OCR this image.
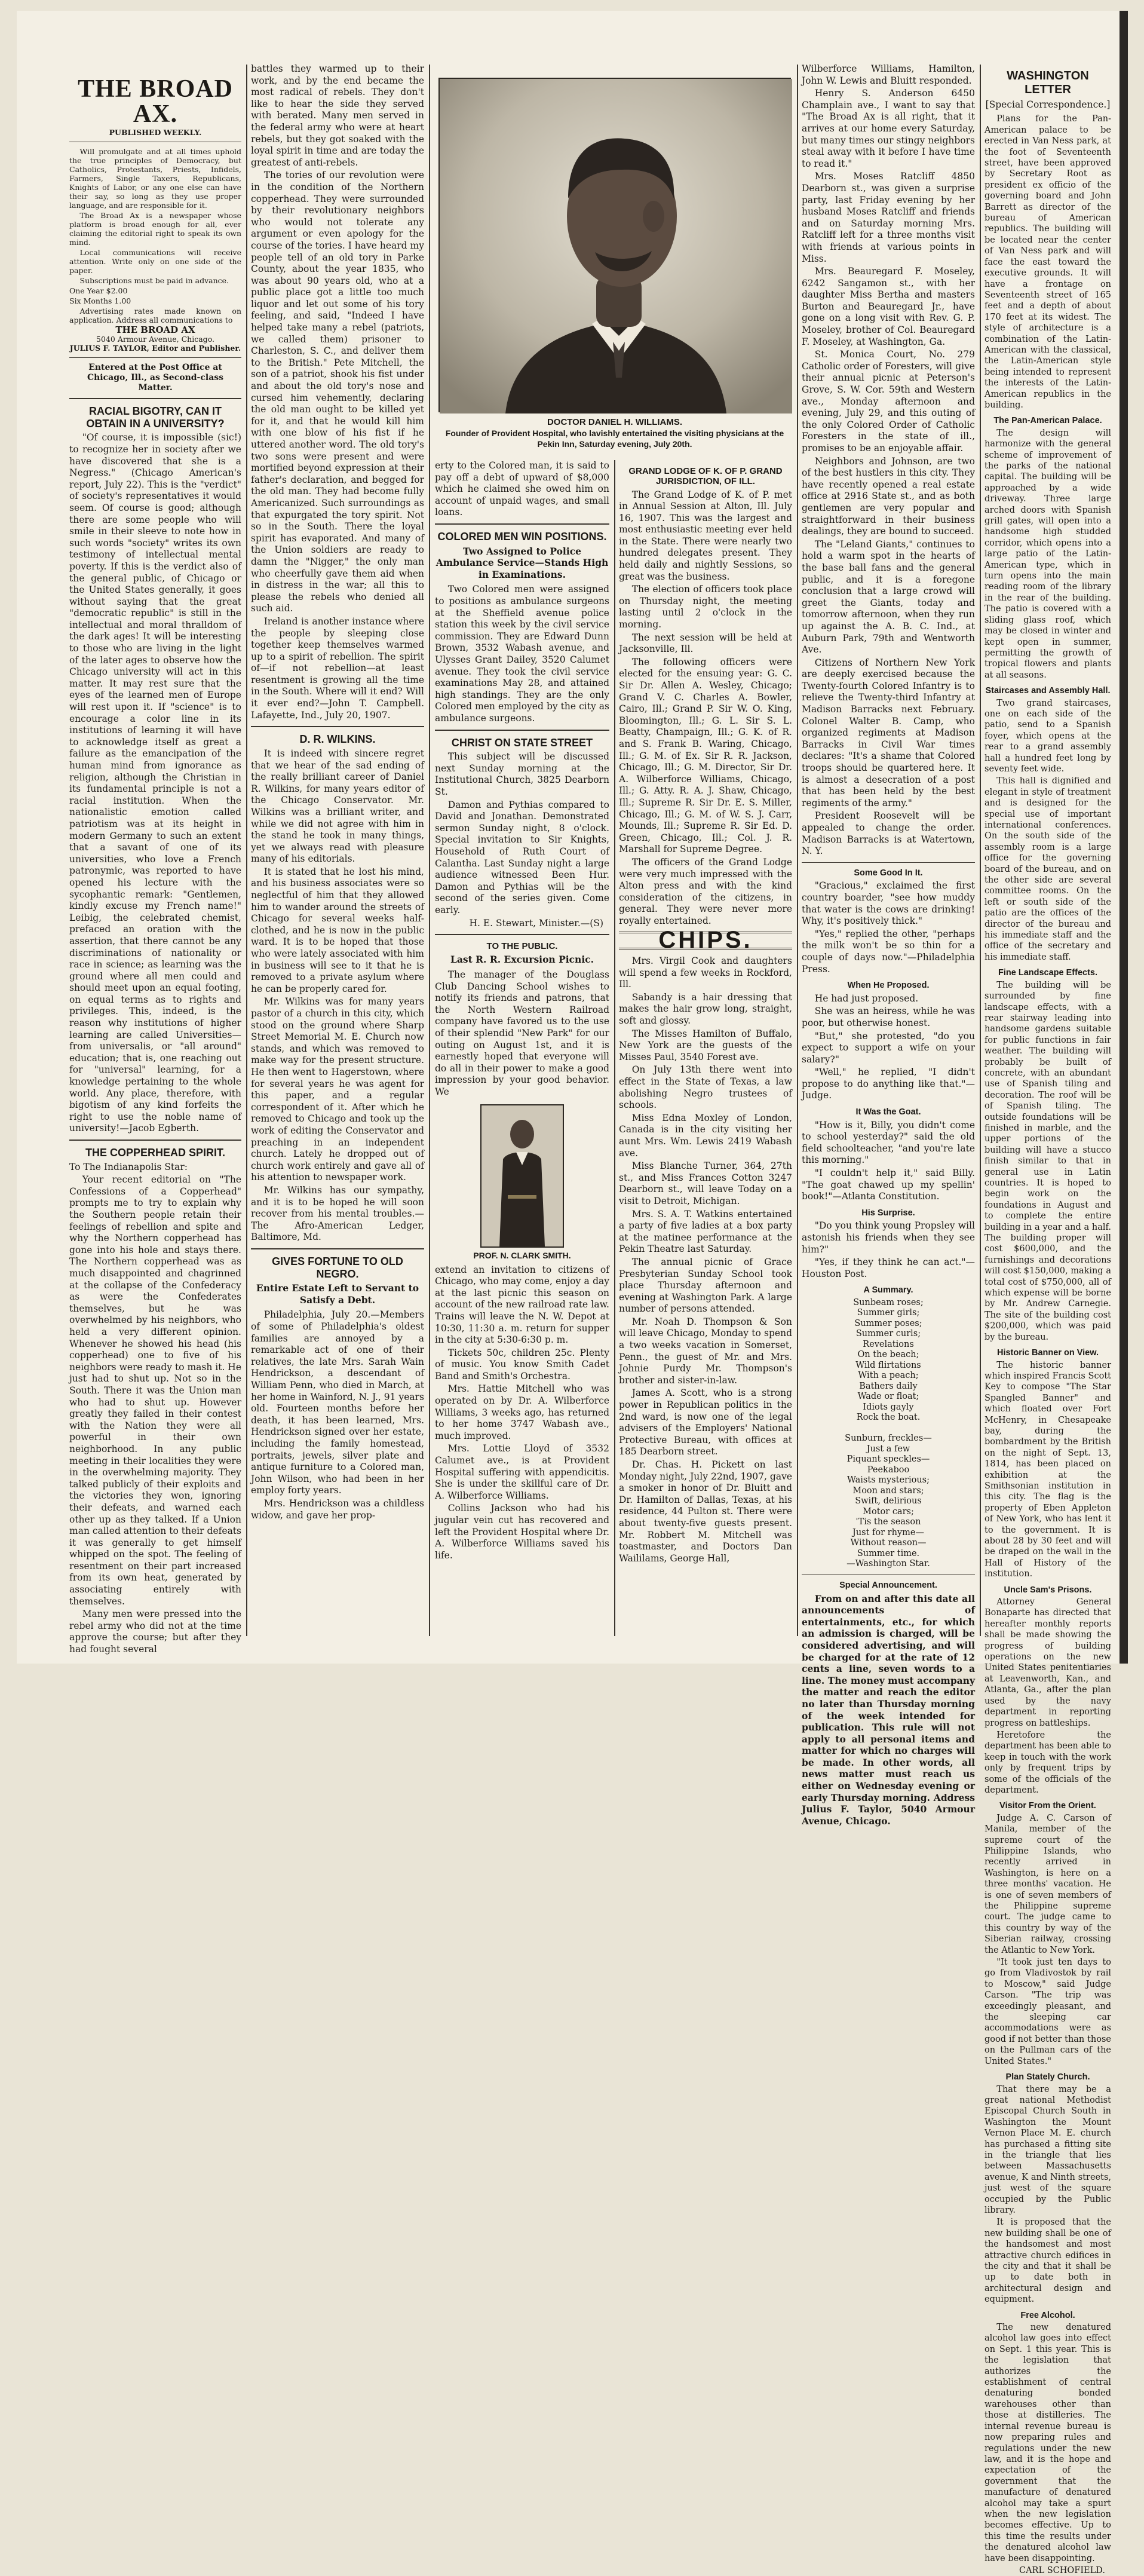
THE BROAD AX.
PUBLISHED WEEKLY.

Will promulgate and at all times uphold the true principles of Democracy, but Catholics, Protestants, Priests, Infidels, Farmers, Single Taxers, Republicans, Knights of Labor, or any one else can have their say, so long as they use proper language, and are responsible for it.

The Broad Ax is a newspaper whose platform is broad enough for all, ever claiming the editorial right to speak its own mind.

Local communications will receive attention. Write only on one side of the paper.

Subscriptions must be paid in advance.

One Year $2.00

Six Months 1.00

Advertising rates made known on application. Address all communications to

THE BROAD AX
5040 Armour Avenue, Chicago.
JULIUS F. TAYLOR, Editor and Publisher.
Entered at the Post Office at Chicago, Ill., as Second-class Matter.
RACIAL BIGOTRY, CAN IT OBTAIN IN A UNIVERSITY?

"Of course, it is impossible (sic!) to recognize her in society after we have discovered that she is a Negress." (Chicago American's report, July 22). This is the "verdict" of society's representatives it would seem. Of course is good; although there are some people who will smile in their sleeve to note how in such words "society" writes its own testimony of intellectual mental poverty. If this is the verdict also of the general public, of Chicago or the United States generally, it goes without saying that the great "democratic republic" is still in the intellectual and moral thralldom of the dark ages! It will be interesting to those who are living in the light of the later ages to observe how the Chicago university will act in this matter. It may rest sure that the eyes of the learned men of Europe will rest upon it. If "science" is to encourage a color line in its institutions of learning it will have to acknowledge itself as great a failure as the emancipation of the human mind from ignorance as religion, although the Christian in its fundamental principle is not a racial institution. When the nationalistic emotion called patriotism was at its height in modern Germany to such an extent that a savant of one of its universities, who love a French patronymic, was reported to have opened his lecture with the sycophantic remark: "Gentlemen, kindly excuse my French name!" Leibig, the celebrated chemist, prefaced an oration with the assertion, that there cannot be any discriminations of nationality or race in science; as learning was the ground where all men could and should meet upon an equal footing, on equal terms as to rights and privileges. This, indeed, is the reason why institutions of higher learning are called Universities—from universalis, or "all around" education; that is, one reaching out for "universal" learning, for a knowledge pertaining to the whole world. Any place, therefore, with bigotism of any kind forfeits the right to use the noble name of university!—Jacob Egberth.

THE COPPERHEAD SPIRIT.

To The Indianapolis Star:

Your recent editorial on "The Confessions of a Copperhead" prompts me to try to explain why the Southern people retain their feelings of rebellion and spite and why the Northern copperhead has gone into his hole and stays there. The Northern copperhead was as much disappointed and chagrinned at the collapse of the Confederacy as were the Confederates themselves, but he was overwhelmed by his neighbors, who held a very different opinion. Whenever he showed his head (his copperhead) one to five of his neighbors were ready to mash it. He just had to shut up. Not so in the South. There it was the Union man who had to shut up. However greatly they failed in their contest with the Nation they were all powerful in their own neighborhood. In any public meeting in their localities they were in the overwhelming majority. They talked publicly of their exploits and the victories they won, ignoring their defeats, and warned each other up as they talked. If a Union man called attention to their defeats it was generally to get himself whipped on the spot. The feeling of resentment on their part increased from its own heat, generated by associating entirely with themselves.

Many men were pressed into the rebel army who did not at the time approve the course; but after they had fought several

battles they warmed up to their work, and by the end became the most radical of rebels. They don't like to hear the side they served with berated. Many men served in the federal army who were at heart rebels, but they got soaked with the loyal spirit in time and are today the greatest of anti-rebels.

The tories of our revolution were in the condition of the Northern copperhead. They were surrounded by their revolutionary neighbors who would not tolerate any argument or even apology for the course of the tories. I have heard my people tell of an old tory in Parke County, about the year 1835, who was about 90 years old, who at a public place got a little too much liquor and let out some of his tory feeling, and said, "Indeed I have helped take many a rebel (patriots, we called them) prisoner to Charleston, S. C., and deliver them to the British." Pete Mitchell, the son of a patriot, shook his fist under and about the old tory's nose and cursed him vehemently, declaring the old man ought to be killed yet for it, and that he would kill him with one blow of his fist if he uttered another word. The old tory's two sons were present and were mortified beyond expression at their father's declaration, and begged for the old man. They had become fully Americanized. Such surroundings as that expurgated the tory spirit. Not so in the South. There the loyal spirit has evaporated. And many of the Union soldiers are ready to damn the "Nigger," the only man who cheerfully gave them aid when in distress in the war; all this to please the rebels who denied all such aid.

Ireland is another instance where the people by sleeping close together keep themselves warmed up to a spirit of rebellion. The spirit of—if not rebellion—at least resentment is growing all the time in the South. Where will it end? Will it ever end?—John T. Campbell. Lafayette, Ind., July 20, 1907.

D. R. WILKINS.

It is indeed with sincere regret that we hear of the sad ending of the really brilliant career of Daniel R. Wilkins, for many years editor of the Chicago Conservator. Mr. Wilkins was a brilliant writer, and while we did not agree with him in the stand he took in many things, yet we always read with pleasure many of his editorials.

It is stated that he lost his mind, and his business associates were so neglectful of him that they allowed him to wander around the streets of Chicago for several weeks half-clothed, and he is now in the public ward. It is to be hoped that those who were lately associated with him in business will see to it that he is removed to a private asylum where he can be properly cared for.

Mr. Wilkins was for many years pastor of a church in this city, which stood on the ground where Sharp Street Memorial M. E. Church now stands, and which was removed to make way for the present structure. He then went to Hagerstown, where for several years he was agent for this paper, and a regular correspondent of it. After which he removed to Chicago and took up the work of editing the Conservator and preaching in an independent church. Lately he dropped out of church work entirely and gave all of his attention to newspaper work.

Mr. Wilkins has our sympathy, and it is to be hoped he will soon recover from his mental troubles.—The Afro-American Ledger, Baltimore, Md.

GIVES FORTUNE TO OLD NEGRO.
Entire Estate Left to Servant to Satisfy a Debt.

Philadelphia, July 20.—Members of some of Philadelphia's oldest families are annoyed by a remarkable act of one of their relatives, the late Mrs. Sarah Wain Hendrickson, a descendant of William Penn, who died in March, at her home in Wainford, N. J., 91 years old. Fourteen months before her death, it has been learned, Mrs. Hendrickson signed over her estate, including the family homestead, portraits, jewels, silver plate and antique furniture to a Colored man, John Wilson, who had been in her employ forty years.

Mrs. Hendrickson was a childless widow, and gave her prop-

DOCTOR DANIEL H. WILLIAMS.
Founder of Provident Hospital, who lavishly entertained the visiting physicians at the Pekin Inn, Saturday evening, July 20th.

erty to the Colored man, it is said to pay off a debt of upward of $8,000 which he claimed she owed him on account of unpaid wages, and small loans.

COLORED MEN WIN POSITIONS.
Two Assigned to Police Ambulance Service—Stands High in Examinations.

Two Colored men were assigned to positions as ambulance surgeons at the Sheffield avenue police station this week by the civil service commission. They are Edward Dunn Brown, 3532 Wabash avenue, and Ulysses Grant Dailey, 3520 Calumet avenue. They took the civil service examinations May 28, and attained high standings. They are the only Colored men employed by the city as ambulance surgeons.

CHRIST ON STATE STREET

This subject will be discussed next Sunday morning at the Institutional Church, 3825 Dearborn St.

Damon and Pythias compared to David and Jonathan. Demonstrated sermon Sunday night, 8 o'clock. Special invitation to Sir Knights, Household of Ruth Court of Calantha. Last Sunday night a large audience witnessed Been Hur. Damon and Pythias will be the second of the series given. Come early.

H. E. Stewart, Minister.—(S)
TO THE PUBLIC.
Last R. R. Excursion Picnic.

The manager of the Douglass Club Dancing School wishes to notify its friends and patrons, that the North Western Railroad company have favored us to the use of their splendid "New Park" for our outing on August 1st, and it is earnestly hoped that everyone will do all in their power to make a good impression by your good behavior. We

PROF. N. CLARK SMITH.

extend an invitation to citizens of Chicago, who may come, enjoy a day at the last picnic this season on account of the new railroad rate law. Trains will leave the N. W. Depot at 10:30, 11:30 a. m. return for supper in the city at 5:30-6:30 p. m.

Tickets 50c, children 25c. Plenty of music. You know Smith Cadet Band and Smith's Orchestra.

Mrs. Hattie Mitchell who was operated on by Dr. A. Wilberforce Williams, 3 weeks ago, has returned to her home 3747 Wabash ave., much improved.

Mrs. Lottie Lloyd of 3532 Calumet ave., is at Provident Hospital suffering with appendicitis. She is under the skillful care of Dr. A. Wilberforce Williams.

Collins Jackson who had his jugular vein cut has recovered and left the Provident Hospital where Dr. A. Wilberforce Williams saved his life.

GRAND LODGE OF K. OF P. GRAND JURISDICTION, OF ILL.

The Grand Lodge of K. of P. met in Annual Session at Alton, Ill. July 16, 1907. This was the largest and most enthusiastic meeting ever held in the State. There were nearly two hundred delegates present. They held daily and nightly Sessions, so great was the business.

The election of officers took place on Thursday night, the meeting lasting until 2 o'clock in the morning.

The next session will be held at Jacksonville, Ill.

The following officers were elected for the ensuing year: G. C. Sir Dr. Allen A. Wesley, Chicago; Grand V. C. Charles A. Bowler, Cairo, Ill.; Grand P. Sir W. O. King, Bloomington, Ill.; G. L. Sir S. L. Beatty, Champaign, Ill.; G. K. of R. and S. Frank B. Waring, Chicago, Ill.; G. M. of Ex. Sir R. R. Jackson, Chicago, Ill.; G. M. Director, Sir Dr. A. Wilberforce Williams, Chicago, Ill.; G. Atty. R. A. J. Shaw, Chicago, Ill.; Supreme R. Sir Dr. E. S. Miller, Chicago, Ill.; G. M. of W. S. J. Carr, Mounds, Ill.; Supreme R. Sir Ed. D. Green, Chicago, Ill.; Col. J. R. Marshall for Supreme Degree.

The officers of the Grand Lodge were very much impressed with the Alton press and with the kind consideration of the citizens, in general. They were never more royally entertained.

CHIPS.

Mrs. Virgil Cook and daughters will spend a few weeks in Rockford, Ill.

Sabandy is a hair dressing that makes the hair grow long, straight, soft and glossy.

The Misses Hamilton of Buffalo, New York are the guests of the Misses Paul, 3540 Forest ave.

On July 13th there went into effect in the State of Texas, a law abolishing Negro trustees of schools.

Miss Edna Moxley of London, Canada is in the city visiting her aunt Mrs. Wm. Lewis 2419 Wabash ave.

Miss Blanche Turner, 364, 27th st., and Miss Frances Cotton 3247 Dearborn st., will leave Today on a visit to Detroit, Michigan.

Mrs. S. A. T. Watkins entertained a party of five ladies at a box party at the matinee performance at the Pekin Theatre last Saturday.

The annual picnic of Grace Presbyterian Sunday School took place Thursday afternoon and evening at Washington Park. A large number of persons attended.

Mr. Noah D. Thompson & Son will leave Chicago, Monday to spend a two weeks vacation in Somerset, Penn., the guest of Mr. and Mrs. Johnie Purdy Mr. Thompson's brother and sister-in-law.

James A. Scott, who is a strong power in Republican politics in the 2nd ward, is now one of the legal advisers of the Employers' National Protective Bureau, with offices at 185 Dearborn street.

Dr. Chas. H. Pickett on last Monday night, July 22nd, 1907, gave a smoker in honor of Dr. Bluitt and Dr. Hamilton of Dallas, Texas, at his residence, 44 Pulton st. There were about twenty-five guests present. Mr. Robbert M. Mitchell was toastmaster, and Doctors Dan Waililams, George Hall,

Wilberforce Williams, Hamilton, John W. Lewis and Bluitt responded.

Henry S. Anderson 6450 Champlain ave., I want to say that "The Broad Ax is all right, that it arrives at our home every Saturday, but many times our stingy neighbors steal away with it before I have time to read it."

Mrs. Moses Ratcliff 4850 Dearborn st., was given a surprise party, last Friday evening by her husband Moses Ratcliff and friends and on Saturday morning Mrs. Ratcliff left for a three months visit with friends at various points in Miss.

Mrs. Beauregard F. Moseley, 6242 Sangamon st., with her daughter Miss Bertha and masters Burton and Beauregard Jr., have gone on a long visit with Rev. G. P. Moseley, brother of Col. Beauregard F. Moseley, at Washington, Ga.

St. Monica Court, No. 279 Catholic order of Foresters, will give their annual picnic at Peterson's Grove, S. W. Cor. 59th and Western ave., Monday afternoon and evening, July 29, and this outing of the only Colored Order of Catholic Foresters in the state of ill., promises to be an enjoyable affair.

Neighbors and Johnson, are two of the best hustlers in this city. They have recently opened a real estate office at 2916 State st., and as both gentlemen are very popular and straightforward in their business dealings, they are bound to succeed.

The "Leland Giants," continues to hold a warm spot in the hearts of the base ball fans and the general public, and it is a foregone conclusion that a large crowd will greet the Giants, today and tomorrow afternoon, when they run up against the A. B. C. Ind., at Auburn Park, 79th and Wentworth Ave.

Citizens of Northern New York are deeply exercised because the Twenty-fourth Colored Infantry is to relieve the Twenty-third Infantry at Madison Barracks next February. Colonel Walter B. Camp, who organized regiments at Madison Barracks in Civil War times declares: "It's a shame that Colored troops should be quartered here. It is almost a desecration of a post that has been held by the best regiments of the army."

President Roosevelt will be appealed to change the order. Madison Barracks is at Watertown, N. Y.

Some Good In It.

"Gracious," exclaimed the first country boarder, "see how muddy that water is the cows are drinking! Why, it's positively thick."

"Yes," replied the other, "perhaps the milk won't be so thin for a couple of days now."—Philadelphia Press.

When He Proposed.

He had just proposed.

She was an heiress, while he was poor, but otherwise honest.

"But," she protested, "do you expect to support a wife on your salary?"

"Well," he replied, "I didn't propose to do anything like that."—Judge.

It Was the Goat.

"How is it, Billy, you didn't come to school yesterday?" said the old field schoolteacher, "and you're late this morning."

"I couldn't help it," said Billy. "The goat chawed up my spellin' book!"—Atlanta Constitution.

His Surprise.

"Do you think young Propsley will astonish his friends when they see him?"

"Yes, if they think he can act."—Houston Post.

A Summary.
Sunbeam roses;
Summer girls;
Summer poses;
Summer curls;
Revelations
On the beach;
Wild flirtations
With a peach;
Bathers daily
Wade or float;
Idiots gayly
Rock the boat.

Sunburn, freckles—
Just a few
Piquant speckles—
Peekaboo
Waists mysterious;
Moon and stars;
Swift, delirious
Motor cars;
'Tis the season
Just for rhyme—
Without reason—
Summer time.
—Washington Star.
Special Announcement.

From on and after this date all announcements of entertainments, etc., for which an admission is charged, will be considered advertising, and will be charged for at the rate of 12 cents a line, seven words to a line. The money must accompany the matter and reach the editor no later than Thursday morning of the week intended for publication. This rule will not apply to all personal items and matter for which no charges will be made. In other words, all news matter must reach us either on Wednesday evening or early Thursday morning. Address Julius F. Taylor, 5040 Armour Avenue, Chicago.

WASHINGTON LETTER
[Special Correspondence.]

Plans for the Pan-American palace to be erected in Van Ness park, at the foot of Seventeenth street, have been approved by Secretary Root as president ex officio of the governing board and John Barrett as director of the bureau of American republics. The building will be located near the center of Van Ness park and will face the east toward the executive grounds. It will have a frontage on Seventeenth street of 165 feet and a depth of about 170 feet at its widest. The style of architecture is a combination of the Latin-American with the classical, the Latin-American style being intended to represent the interests of the Latin-American republics in the building.

The Pan-American Palace.

The design will harmonize with the general scheme of improvement of the parks of the national capital. The building will be approached by a wide driveway. Three large arched doors with Spanish grill gates, will open into a handsome high studded corridor, which opens into a large patio of the Latin-American type, which in turn opens into the main reading room of the library in the rear of the building. The patio is covered with a sliding glass roof, which may be closed in winter and kept open in summer, permitting the growth of tropical flowers and plants at all seasons.

Staircases and Assembly Hall.

Two grand staircases, one on each side of the patio, send to a Spanish foyer, which opens at the rear to a grand assembly hall a hundred feet long by seventy feet wide.

This hall is dignified and elegant in style of treatment and is designed for the special use of important international conferences. On the south side of the assembly room is a large office for the governing board of the bureau, and on the other side are several committee rooms. On the left or south side of the patio are the offices of the director of the bureau and his immediate staff and the office of the secretary and his immediate staff.

Fine Landscape Effects.

The building will be surrounded by fine landscape effects, with a rear stairway leading into handsome gardens suitable for public functions in fair weather. The building will probably be built of concrete, with an abundant use of Spanish tiling and decoration. The roof will be of Spanish tiling. The outside foundations will be finished in marble, and the upper portions of the building will have a stucco finish similar to that in general use in Latin countries. It is hoped to begin work on the foundations in August and to complete the entire building in a year and a half. The building proper will cost $600,000, and the furnishings and decorations will cost $150,000, making a total cost of $750,000, all of which expense will be borne by Mr. Andrew Carnegie. The site of the building cost $200,000, which was paid by the bureau.

Historic Banner on View.

The historic banner which inspired Francis Scott Key to compose "The Star Spangled Banner" and which floated over Fort McHenry, in Chesapeake bay, during the bombardment by the British on the night of Sept. 13, 1814, has been placed on exhibition at the Smithsonian institution in this city. The flag is the property of Eben Appleton of New York, who has lent it to the government. It is about 28 by 30 feet and will be draped on the wall in the Hall of History of the institution.

Uncle Sam's Prisons.

Attorney General Bonaparte has directed that hereafter monthly reports shall be made showing the progress of building operations on the new United States penitentiaries at Leavenworth, Kan., and Atlanta, Ga., after the plan used by the navy department in reporting progress on battleships.

Heretofore the department has been able to keep in touch with the work only by frequent trips by some of the officials of the department.

Visitor From the Orient.

Judge A. C. Carson of Manila, member of the supreme court of the Philippine Islands, who recently arrived in Washington, is here on a three months' vacation. He is one of seven members of the Philippine supreme court. The judge came to this country by way of the Siberian railway, crossing the Atlantic to New York.

"It took just ten days to go from Vladivostok by rail to Moscow," said Judge Carson. "The trip was exceedingly pleasant, and the sleeping car accommodations were as good if not better than those on the Pullman cars of the United States."

Plan Stately Church.

That there may be a great national Methodist Episcopal Church South in Washington the Mount Vernon Place M. E. church has purchased a fitting site in the triangle that lies between Massachusetts avenue, K and Ninth streets, just west of the square occupied by the Public library.

It is proposed that the new building shall be one of the handsomest and most attractive church edifices in the city and that it shall be up to date both in architectural design and equipment.

Free Alcohol.

The new denatured alcohol law goes into effect on Sept. 1 this year. This is the legislation that authorizes the establishment of central denaturing bonded warehouses other than those at distilleries. The internal revenue bureau is now preparing rules and regulations under the new law, and it is the hope and expectation of the government that the manufacture of denatured alcohol may take a spurt when the new legislation becomes effective. Up to this time the results under the denatured alcohol law have been disappointing.

CARL SCHOFIELD.
